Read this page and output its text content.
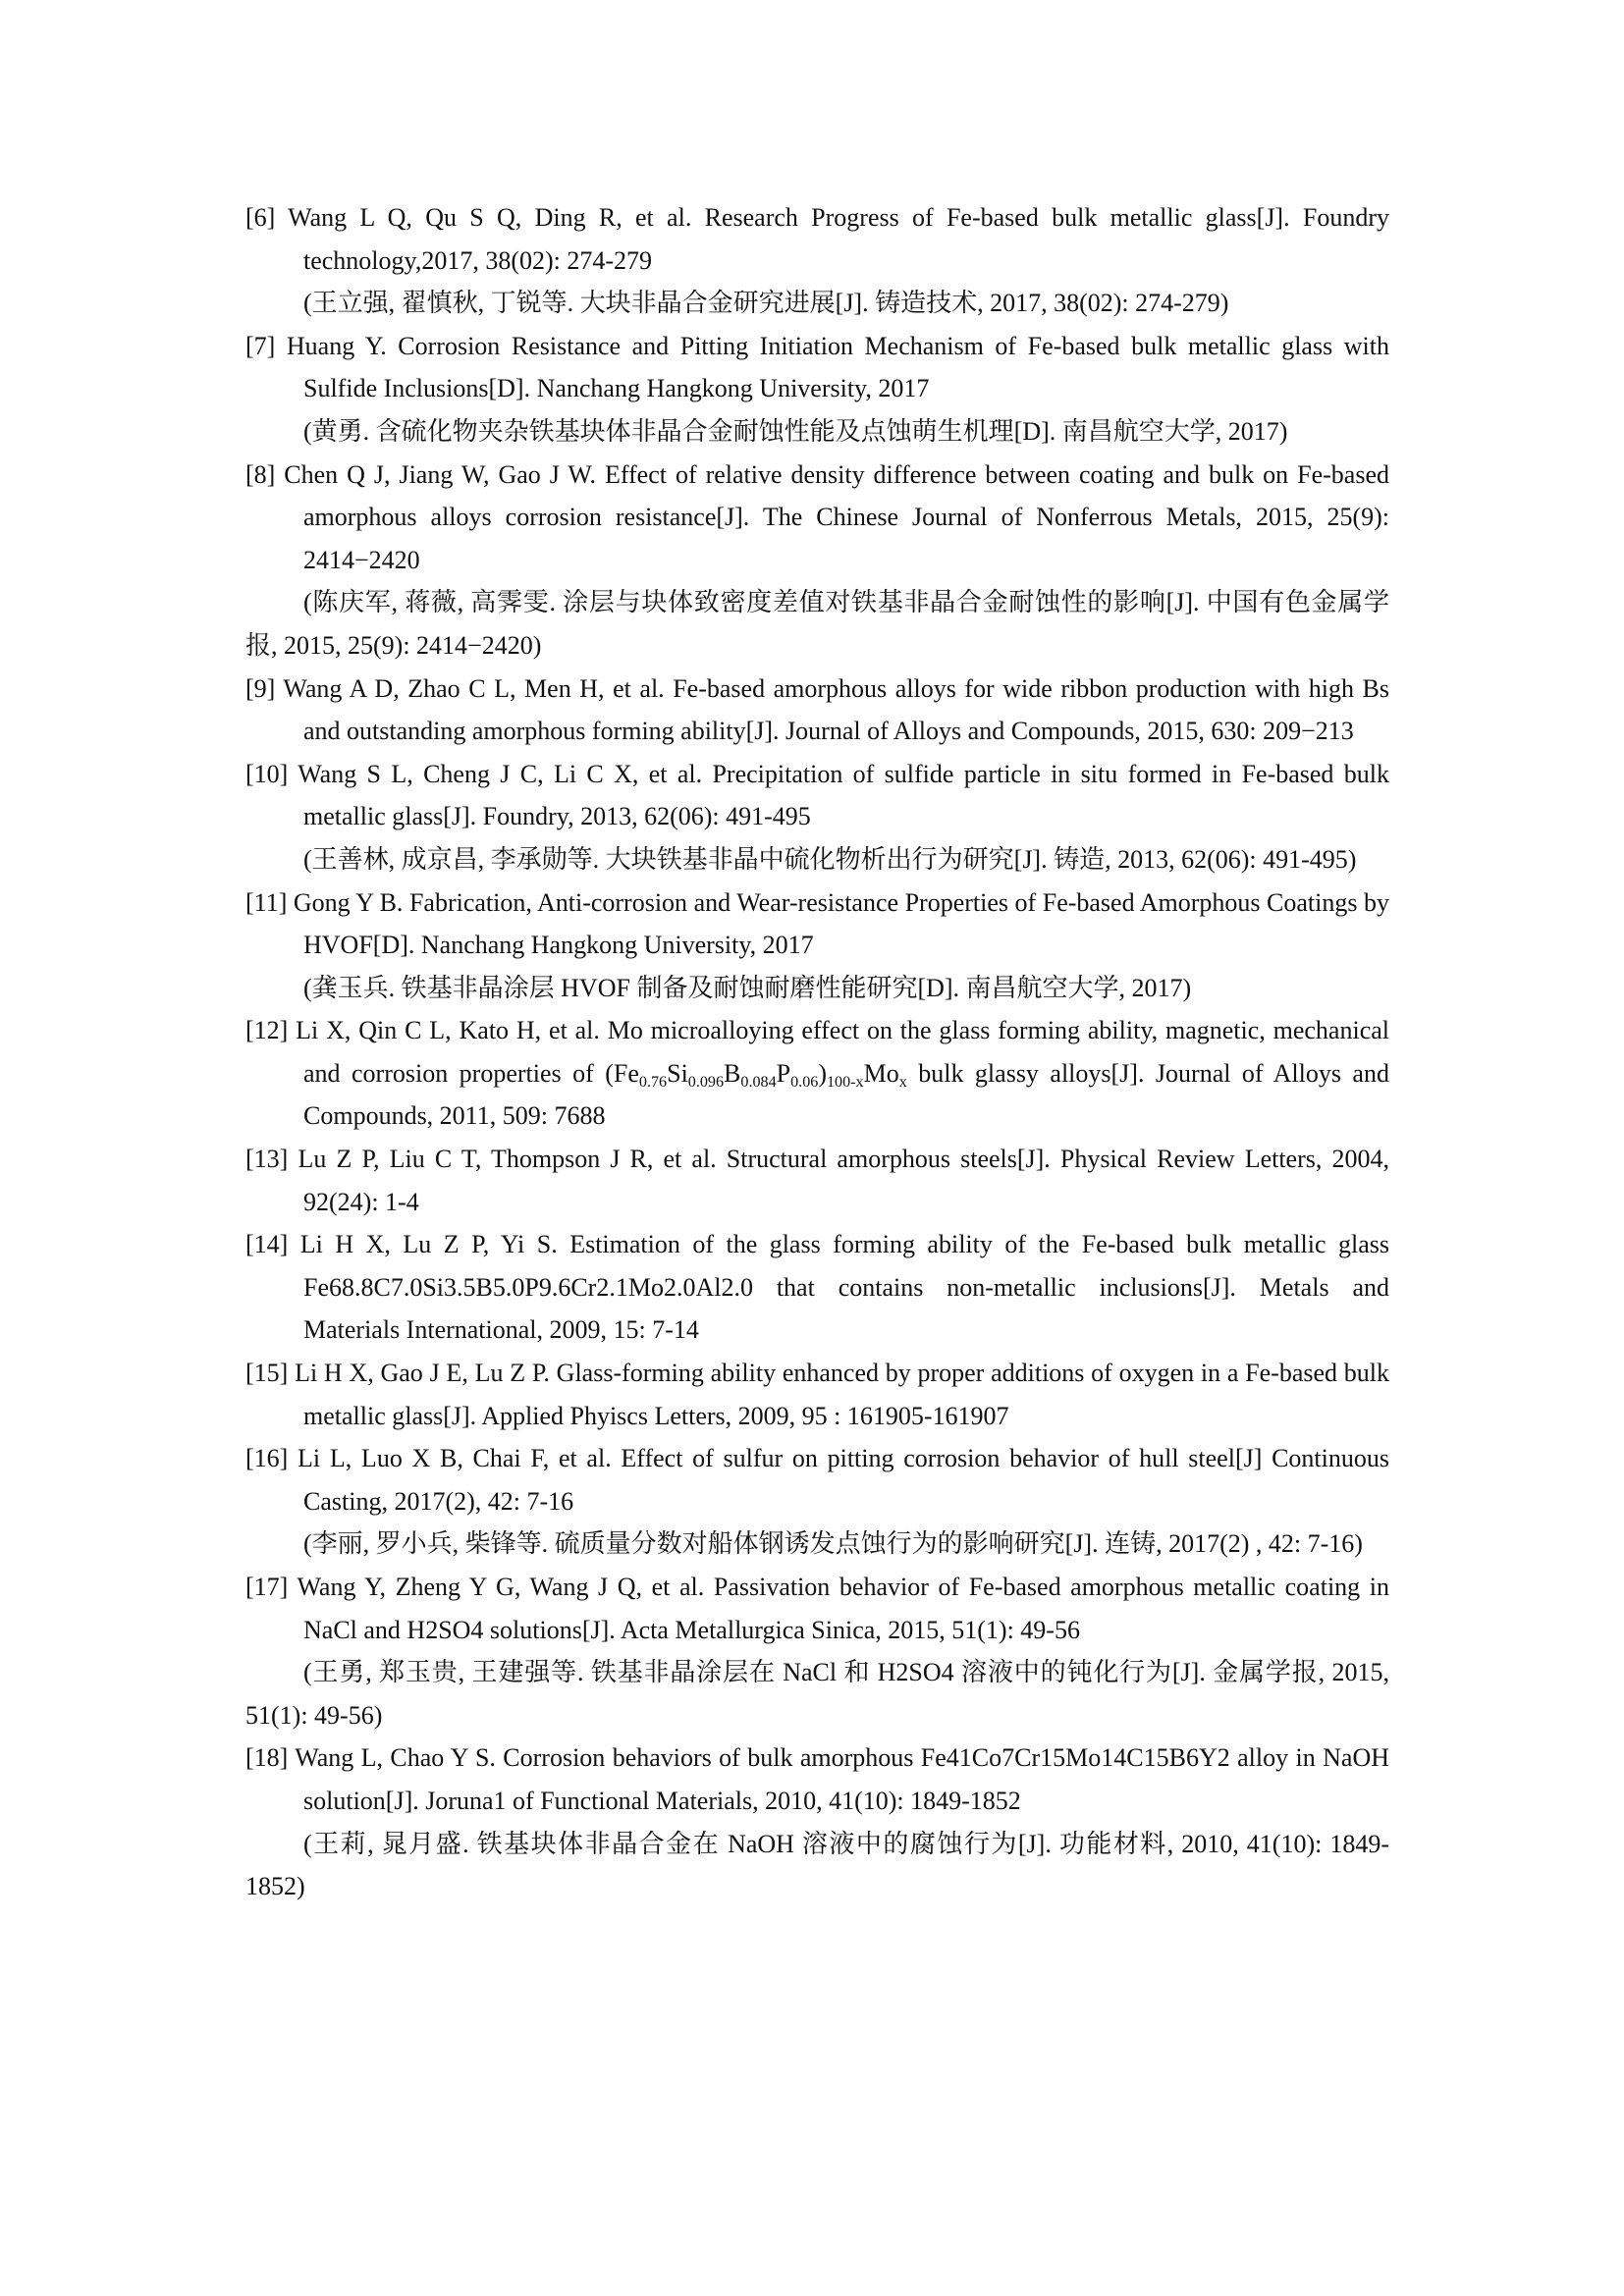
[6] Wang L Q, Qu S Q, Ding R, et al. Research Progress of Fe-based bulk metallic glass[J]. Foundry technology,2017, 38(02): 274-279

(王立强, 翟慎秋, 丁锐等. 大块非晶合金研究进展[J]. 铸造技术, 2017, 38(02): 274-279)

[7] Huang Y. Corrosion Resistance and Pitting Initiation Mechanism of Fe-based bulk metallic glass with Sulfide Inclusions[D]. Nanchang Hangkong University, 2017

(黄勇. 含硫化物夹杂铁基块体非晶合金耐蚀性能及点蚀萌生机理[D]. 南昌航空大学, 2017)

[8] Chen Q J, Jiang W, Gao J W. Effect of relative density difference between coating and bulk on Fe-based amorphous alloys corrosion resistance[J]. The Chinese Journal of Nonferrous Metals, 2015, 25(9): 2414−2420

(陈庆军, 蒋薇, 高霁雯. 涂层与块体致密度差值对铁基非晶合金耐蚀性的影响[J]. 中国有色金属学报, 2015, 25(9): 2414−2420)

[9] Wang A D, Zhao C L, Men H, et al. Fe-based amorphous alloys for wide ribbon production with high Bs and outstanding amorphous forming ability[J]. Journal of Alloys and Compounds, 2015, 630: 209−213

[10] Wang S L, Cheng J C, Li C X, et al. Precipitation of sulfide particle in situ formed in Fe-based bulk metallic glass[J]. Foundry, 2013, 62(06): 491-495

(王善林, 成京昌, 李承勋等. 大块铁基非晶中硫化物析出行为研究[J]. 铸造, 2013, 62(06): 491-495)

[11] Gong Y B. Fabrication, Anti-corrosion and Wear-resistance Properties of Fe-based Amorphous Coatings by HVOF[D]. Nanchang Hangkong University, 2017

(龚玉兵. 铁基非晶涂层 HVOF 制备及耐蚀耐磨性能研究[D]. 南昌航空大学, 2017)

[12] Li X, Qin C L, Kato H, et al. Mo microalloying effect on the glass forming ability, magnetic, mechanical and corrosion properties of $(Fe_{0.76}Si_{0.096}B_{0.084}P_{0.06})_{100-x}Mo_x$ bulk glassy alloys[J]. Journal of Alloys and Compounds, 2011, 509: 7688

[13] Lu Z P, Liu C T, Thompson J R, et al. Structural amorphous steels[J]. Physical Review Letters, 2004, 92(24): 1-4

[14] Li H X, Lu Z P, Yi S. Estimation of the glass forming ability of the Fe-based bulk metallic glass Fe68.8C7.0Si3.5B5.0P9.6Cr2.1Mo2.0Al2.0 that contains non-metallic inclusions[J]. Metals and Materials International, 2009, 15: 7-14

[15] Li H X, Gao J E, Lu Z P. Glass-forming ability enhanced by proper additions of oxygen in a Fe-based bulk metallic glass[J]. Applied Phyiscs Letters, 2009, 95 : 161905-161907

[16] Li L, Luo X B, Chai F, et al. Effect of sulfur on pitting corrosion behavior of hull steel[J] Continuous Casting, 2017(2), 42: 7-16

(李丽, 罗小兵, 柴锋等. 硫质量分数对船体钢诱发点蚀行为的影响研究[J]. 连铸, 2017(2) , 42: 7-16)

[17] Wang Y, Zheng Y G, Wang J Q, et al. Passivation behavior of Fe-based amorphous metallic coating in NaCl and H2SO4 solutions[J]. Acta Metallurgica Sinica, 2015, 51(1): 49-56

(王勇, 郑玉贵, 王建强等. 铁基非晶涂层在 NaCl 和 H2SO4 溶液中的钝化行为[J]. 金属学报, 2015, 51(1): 49-56)

[18] Wang L, Chao Y S. Corrosion behaviors of bulk amorphous Fe41Co7Cr15Mo14C15B6Y2 alloy in NaOH solution[J]. Joruna1 of Functional Materials, 2010, 41(10): 1849-1852

(王莉, 晁月盛. 铁基块体非晶合金在 NaOH 溶液中的腐蚀行为[J]. 功能材料, 2010, 41(10): 1849-1852)
